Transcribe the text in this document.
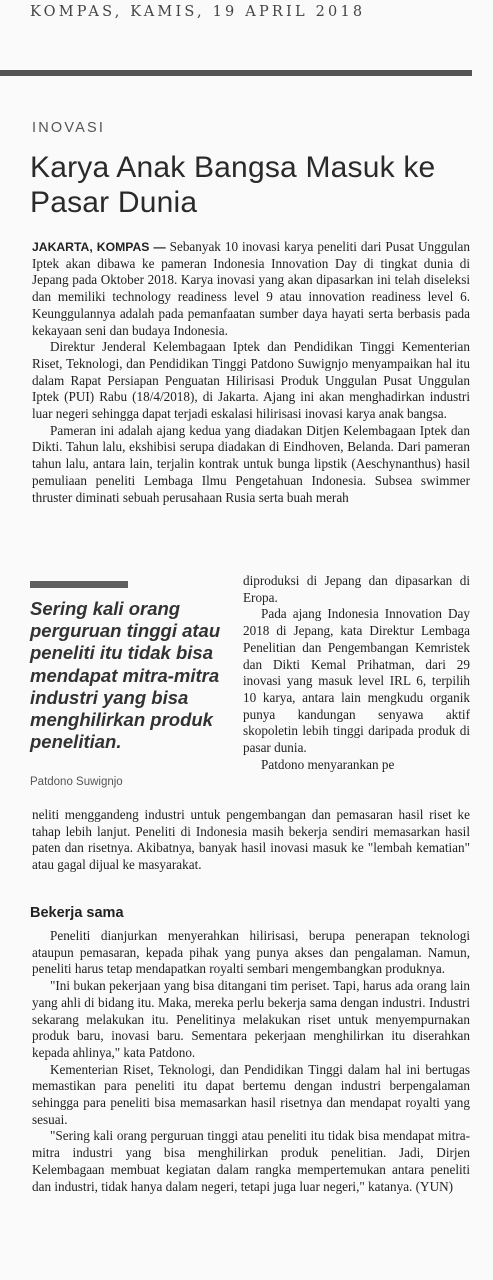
KOMPAS, KAMIS, 19 APRIL 2018
INOVASI
Karya Anak Bangsa Masuk ke Pasar Dunia

JAKARTA, KOMPAS — Sebanyak 10 inovasi karya peneliti dari Pusat Unggulan Iptek akan dibawa ke pameran Indonesia Innovation Day di tingkat dunia di Jepang pada Oktober 2018. Karya inovasi yang akan dipasarkan ini telah diseleksi dan memiliki technology readiness level 9 atau innovation readiness level 6. Keunggulannya adalah pada pemanfaatan sumber daya hayati serta berbasis pada kekayaan seni dan budaya Indonesia.

Direktur Jenderal Kelembagaan Iptek dan Pendidikan Tinggi Kementerian Riset, Teknologi, dan Pendidikan Tinggi Patdono Suwignjo menyampaikan hal itu dalam Rapat Persiapan Penguatan Hilirisasi Produk Unggulan Pusat Unggulan Iptek (PUI) Rabu (18/4/2018), di Jakarta. Ajang ini akan menghadirkan industri luar negeri sehingga dapat terjadi eskalasi hilirisasi inovasi karya anak bangsa.

Pameran ini adalah ajang kedua yang diadakan Ditjen Kelembagaan Iptek dan Dikti. Tahun lalu, ekshibisi serupa diadakan di Eindhoven, Belanda. Dari pameran tahun lalu, antara lain, terjalin kontrak untuk bunga lipstik (Aeschynanthus) hasil pemuliaan peneliti Lembaga Ilmu Pengetahuan Indonesia. Subsea swimmer thruster diminati sebuah perusahaan Rusia serta buah merah

Sering kali orang perguruan tinggi atau peneliti itu tidak bisa mendapat mitra-mitra industri yang bisa menghilirkan produk penelitian.
Patdono Suwignjo

diproduksi di Jepang dan dipasarkan di Eropa.

Pada ajang Indonesia Innovation Day 2018 di Jepang, kata Direktur Lembaga Penelitian dan Pengembangan Kemristek dan Dikti Kemal Prihatman, dari 29 inovasi yang masuk level IRL 6, terpilih 10 karya, antara lain mengkudu organik punya kandungan senyawa aktif skopoletin lebih tinggi daripada produk di pasar dunia.

Patdono menyarankan pe

neliti menggandeng industri untuk pengembangan dan pemasaran hasil riset ke tahap lebih lanjut. Peneliti di Indonesia masih bekerja sendiri memasarkan hasil paten dan risetnya. Akibatnya, banyak hasil inovasi masuk ke "lembah kematian" atau gagal dijual ke masyarakat.

Bekerja sama

Peneliti dianjurkan menyerahkan hilirisasi, berupa penerapan teknologi ataupun pemasaran, kepada pihak yang punya akses dan pengalaman. Namun, peneliti harus tetap mendapatkan royalti sembari mengembangkan produknya.

"Ini bukan pekerjaan yang bisa ditangani tim periset. Tapi, harus ada orang lain yang ahli di bidang itu. Maka, mereka perlu bekerja sama dengan industri. Industri sekarang melakukan itu. Penelitinya melakukan riset untuk menyempurnakan produk baru, inovasi baru. Sementara pekerjaan menghilirkan itu diserahkan kepada ahlinya," kata Patdono.

Kementerian Riset, Teknologi, dan Pendidikan Tinggi dalam hal ini bertugas memastikan para peneliti itu dapat bertemu dengan industri berpengalaman sehingga para peneliti bisa memasarkan hasil risetnya dan mendapat royalti yang sesuai.

"Sering kali orang perguruan tinggi atau peneliti itu tidak bisa mendapat mitra-mitra industri yang bisa menghilirkan produk penelitian. Jadi, Dirjen Kelembagaan membuat kegiatan dalam rangka mempertemukan antara peneliti dan industri, tidak hanya dalam negeri, tetapi juga luar negeri," katanya. (YUN)
